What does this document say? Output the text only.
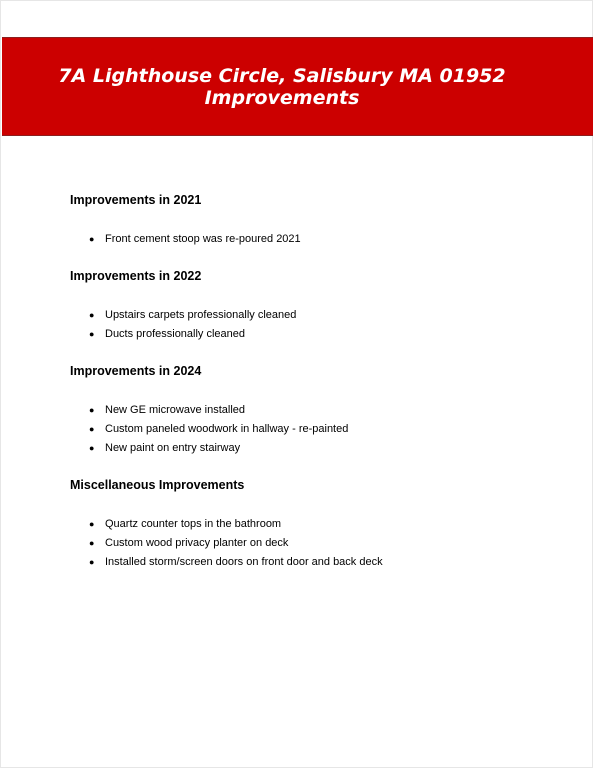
7A Lighthouse Circle, Salisbury MA 01952
Improvements
Improvements in 2021
● Front cement stoop was re-poured 2021
Improvements in 2022
● Upstairs carpets professionally cleaned
● Ducts professionally cleaned
Improvements in 2024
● New GE microwave installed
● Custom paneled woodwork in hallway - re-painted
● New paint on entry stairway
Miscellaneous Improvements
● Quartz counter tops in the bathroom
● Custom wood privacy planter on deck
● Installed storm/screen doors on front door and back deck
